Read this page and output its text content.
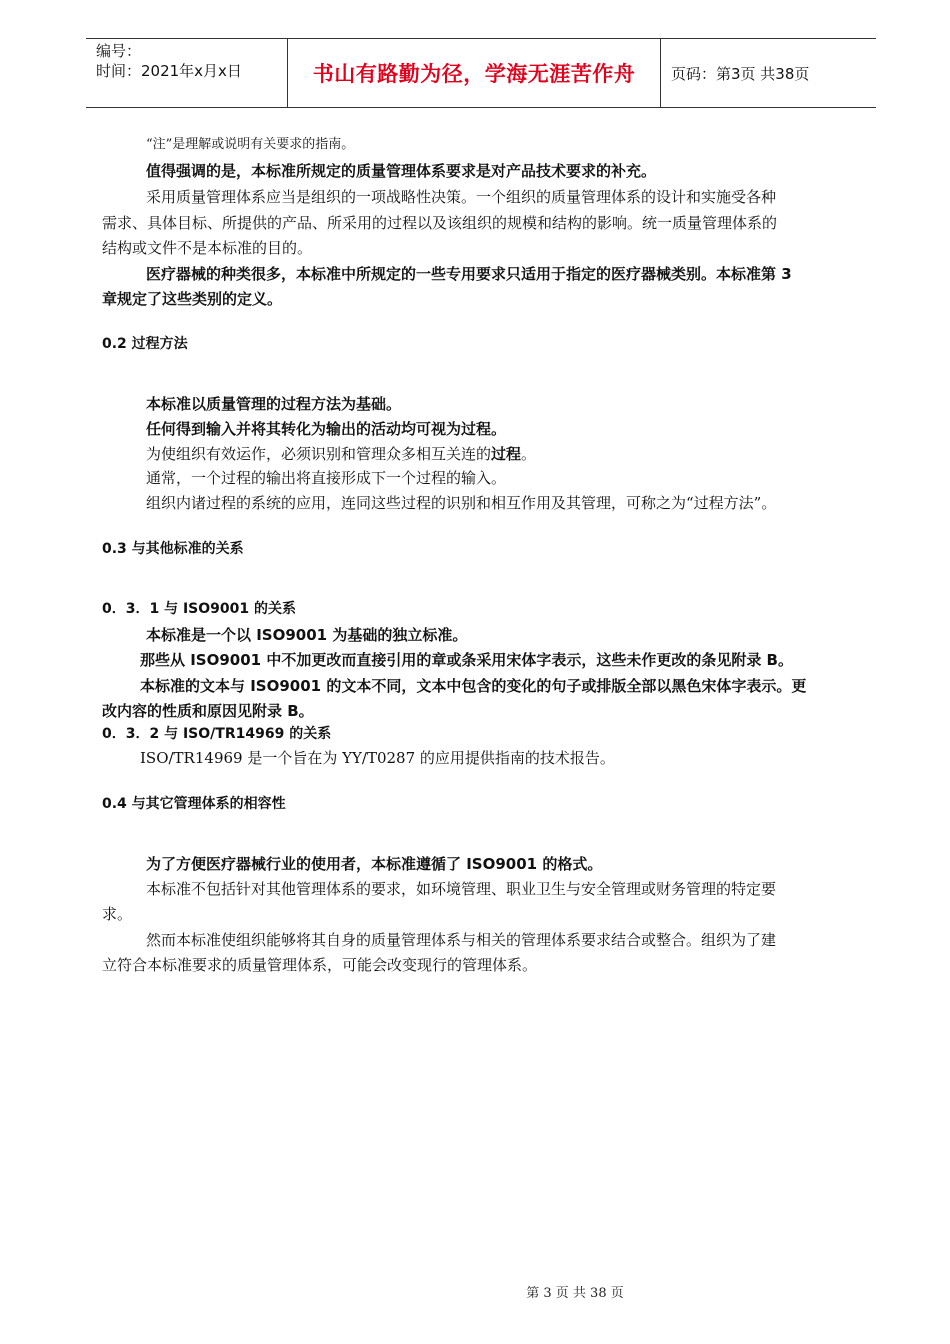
编号：
时间：2021年x月x日	书山有路勤为径，学海无涯苦作舟 页码：第3页 共38页
“注”是理解或说明有关要求的指南。
值得强调的是，本标准所规定的质量管理体系要求是对产品技术要求的补充。
采用质量管理体系应当是组织的一项战略性决策。一个组织的质量管理体系的设计和实施受各种
需求、具体目标、所提供的产品、所采用的过程以及该组织的规模和结构的影响。统一质量管理体系的
结构或文件不是本标准的目的。
医疗器械的种类很多，本标准中所规定的一些专用要求只适用于指定的医疗器械类别。本标准第 3
章规定了这些类别的定义。
0.2 过程方法
本标准以质量管理的过程方法为基础。
任何得到输入并将其转化为输出的活动均可视为过程。
为使组织有效运作，必须识别和管理众多相互关连的过程。
通常，一个过程的输出将直接形成下一个过程的输入。
组织内诸过程的系统的应用，连同这些过程的识别和相互作用及其管理，可称之为“过程方法”。
0.3 与其他标准的关系
0．3．1 与 ISO9001 的关系
本标准是一个以 ISO9001 为基础的独立标准。
那些从 ISO9001 中不加更改而直接引用的章或条采用宋体字表示，这些未作更改的条见附录 B。
本标准的文本与 ISO9001 的文本不同，文本中包含的变化的句子或排版全部以黑色宋体字表示。更
改内容的性质和原因见附录 B。
0．3．2 与 ISO/TR14969 的关系
ISO/TR14969 是一个旨在为 YY/T0287 的应用提供指南的技术报告。
0.4 与其它管理体系的相容性
为了方便医疗器械行业的使用者，本标准遵循了 ISO9001 的格式。
本标准不包括针对其他管理体系的要求，如环境管理、职业卫生与安全管理或财务管理的特定要
求。
然而本标准使组织能够将其自身的质量管理体系与相关的管理体系要求结合或整合。组织为了建
立符合本标准要求的质量管理体系，可能会改变现行的管理体系。
第 3 页 共 38 页
